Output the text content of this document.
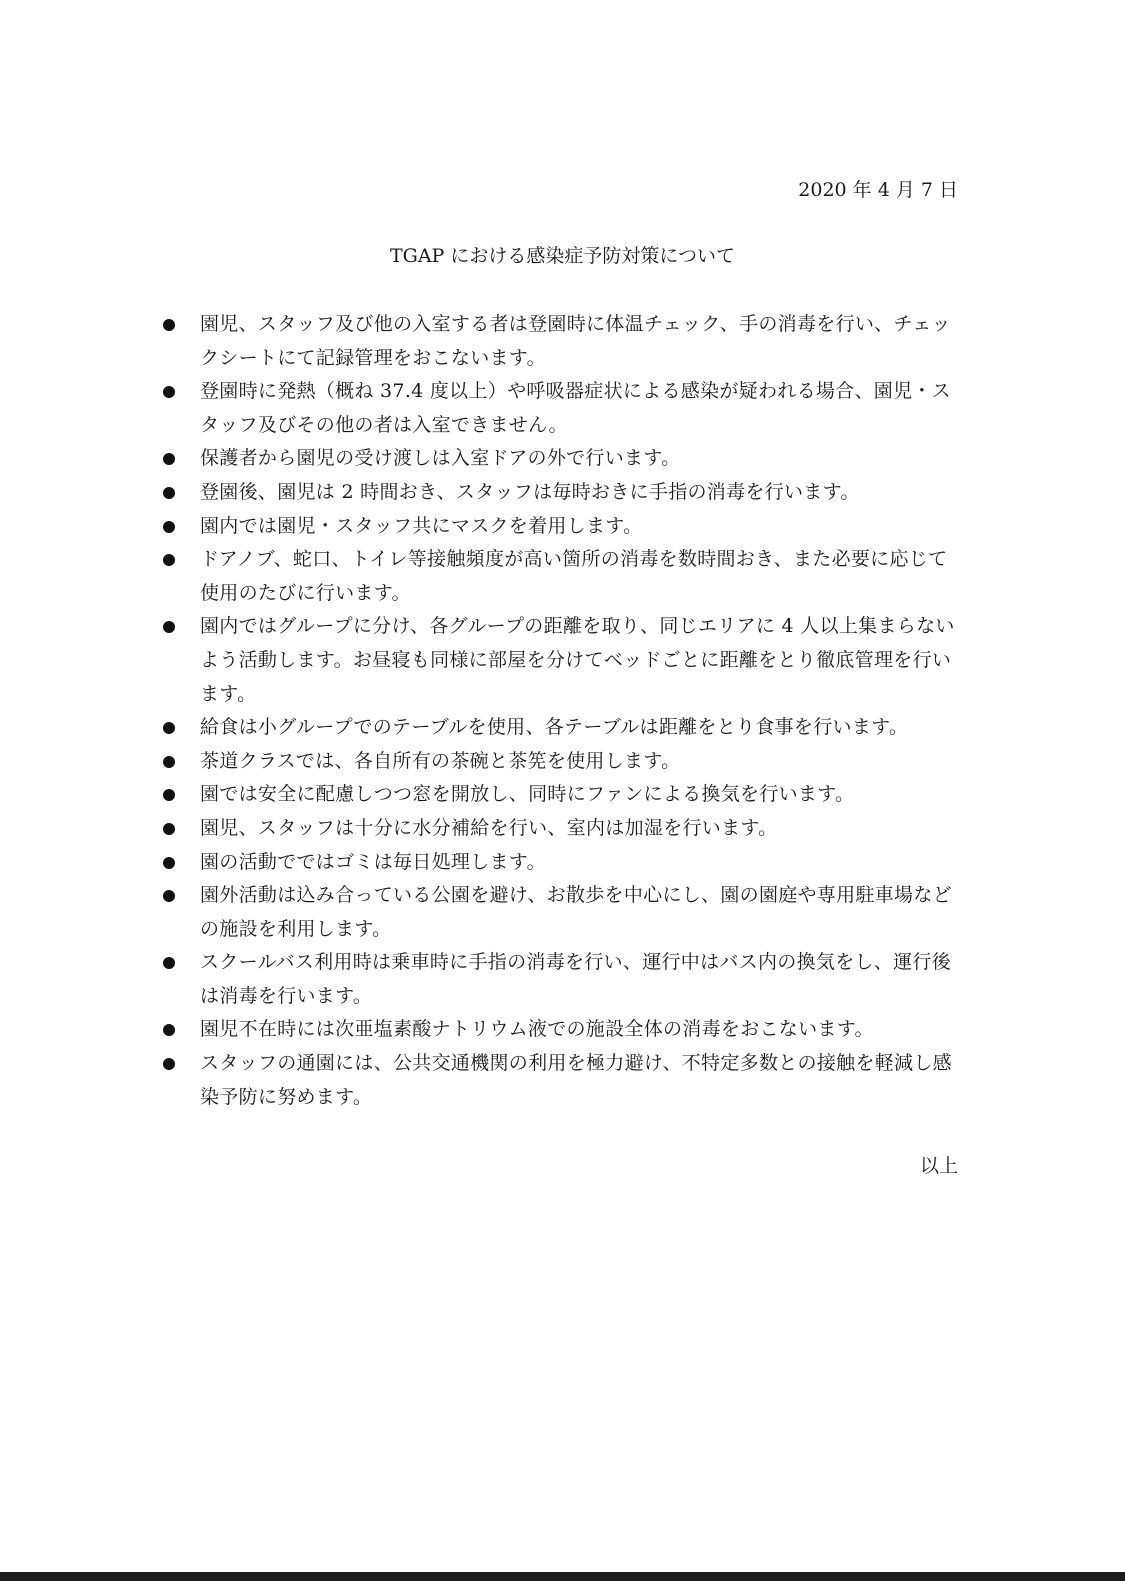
2020 年 4 月 7 日
TGAP における感染症予防対策について
園児、スタッフ及び他の入室する者は登園時に体温チェック、手の消毒を行い、チェックシートにて記録管理をおこないます。
登園時に発熱（概ね 37.4 度以上）や呼吸器症状による感染が疑われる場合、園児・スタッフ及びその他の者は入室できません。
保護者から園児の受け渡しは入室ドアの外で行います。
登園後、園児は 2 時間おき、スタッフは毎時おきに手指の消毒を行います。
園内では園児・スタッフ共にマスクを着用します。
ドアノブ、蛇口、トイレ等接触頻度が高い箇所の消毒を数時間おき、また必要に応じて使用のたびに行います。
園内ではグループに分け、各グループの距離を取り、同じエリアに 4 人以上集まらないよう活動します。お昼寝も同様に部屋を分けてベッドごとに距離をとり徹底管理を行います。
給食は小グループでのテーブルを使用、各テーブルは距離をとり食事を行います。
茶道クラスでは、各自所有の茶碗と茶筅を使用します。
園では安全に配慮しつつ窓を開放し、同時にファンによる換気を行います。
園児、スタッフは十分に水分補給を行い、室内は加湿を行います。
園の活動でではゴミは毎日処理します。
園外活動は込み合っている公園を避け、お散歩を中心にし、園の園庭や専用駐車場などの施設を利用します。
スクールバス利用時は乗車時に手指の消毒を行い、運行中はバス内の換気をし、運行後は消毒を行います。
園児不在時には次亜塩素酸ナトリウム液での施設全体の消毒をおこないます。
スタッフの通園には、公共交通機関の利用を極力避け、不特定多数との接触を軽減し感染予防に努めます。
以上
